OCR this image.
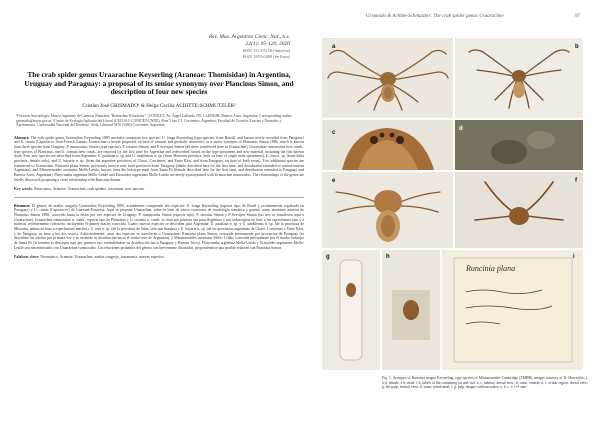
Grismado & Achitte-Schmutzler: The crab spider genus Uraarachne	97
Rev. Mus. Argentino Cienc. Nat., n.s.
22(1): 95-120, 2020
ISSN 1514-5158 (impresa)
ISSN 1853-0400 (en línea)
The crab spider genus Uraarachne Keyserling (Araneae: Thomisidae) in Argentina, Uruguay and Paraguay: a proposal of its senior synonymy over Plancinus Simon, and description of four new species
Cristian José GRISMADO¹ & Helga Cecilia ACHITTE-SCHMUTZLER²
¹División Aracnología, Museo Argentino de Ciencias Naturales "Bernardino Rivadavia" - CONICET, Av. Ángel Gallardo 470, C1405DJR, Buenos Aires, Argentina. Corresponding author: grismado@macn.gov.ar; ²Centro de Ecología Aplicada del Litoral (CECOAL-CONICET-UNNE), Ruta 5 km 2.5, Corrientes, Argentina; Facultad de Ciencias Exactas y Naturales y Agrimensura, Universidad Nacional del Nordeste, Avda. Libertad 5470 (3400) Corrientes, Argentina.
Abstract: The crab spider genus Uraarachne Keyserling 1880 currently comprises two species: U. longa Keyserling (type species, from Brazil), and known newly recorded from Paraguay) and U. cinnia (Caporiacco from French Guiana. Uraarachne is herein proposed, on base of somatic and genitalic characters, as a senior synonym of Plancinus Simon 1886, which is known from three species from Uruguay: P. rumusculus Simon (type species), P. tarsatus Simon, and P. brevipes Simon (all three transferred here to Uraarachne). Uraarachne rumusculus new comb., type species of Plancinus, and U. cornuta new comb., are reported for the first time for Argentina and redescribed, based on the type specimens and new material, including the first known male. Four new species are described from Argentina: U. pauliana n. sp. and U. tandilensis n. sp. (from Misiones province, both on base of single male specimens), U. tern n. sp. (from Salta province, female only), and U. bayarte n. sp. (from the argentine provinces of Chaco, Corrientes, and Entre Ríos, and from Paraguay, on base of both sexes). Two additional species are transferred to Uraarachne: Runcinia plana Simon, previously known only from provinces from Paraguay (adults described here for the first time, and distribution extended to central-eastern Argentina), and Misumenoides uncinatus Mello-Leitão, known from the holotype male from Santa Fe (female described here for the first time, and distribution extended to Paraguay and Buenos Aires, Argentina). Platycantha argentina Mello-Leitão and Erissoides argentinus Mello-Leitão are newly synonymized with Uraarachne rumusculus. The relationships of the genus are briefly discussed, proposing a close relationship with Runcinia Simon.
Key words. Neotropics, Araneae, Uraarachne, crab spiders, taxonomy, new species.
Resumen: El género de arañas cangrejo Uraarachne Keyserling 1880, actualmente comprende dos especies: U. longa Keyserling (especie tipo, de Brasil y recientemente registrada en Paraguay) y U. cinnia (Caporiacco) de Guayana Francesa. Aquí se propone Uraarachne, sobre la base de varios caracteres de morfología somática y genital, como sinónimo anterior de Plancinus Simon 1886, conocido hasta la fecha por tres especies de Uruguay: P. rumusculus Simon (especie tipo), P. tarsatus Simon y P. brevipes Simon (las tres se transfieren aquí a Uraarachne). Uraarachne rumusculus n. comb., especie tipo de Plancinus y U. cornuta n. comb. se citan por primera vez para Argentina y son redescriptas en base a los especímenes tipo y a material recientemente colectado, incluyendo el primer macho conocido. Cuatro nuevas especies se describen para Argentina: U. pauliana n. sp. y U. tandilensis n. sp. (de la provincia de Misiones, ambas en base a especímenes machos), U. tern n. sp. (de la provincia de Salta, sólo una hembra) y U. bayarte n. sp. (de las provincias argentinas de Chaco, Corrientes y Entre Ríos, y de Paraguay, en base a los dos sexos). Adicionalmente, otras dos especies se transfieren a Uraarachne: Runcinia plana Simon, conocida previamente por provincias de Paraguay (se describen los adultos por primera vez y se extiende su distribución hacia el centro-este de Argentina), y Misumenoides uncinatus Mello-Leitão, conocida previamente por el macho holotipo de Santa Fe (la hembra es descripta aquí por primera vez, extendiéndose su distribución hacia Paraguay y Buenos Aires). Platycantha argentina Mello-Leitão y Erissoides argentinus Mello-Leitão son sinonimizadas con Uraarachne rumusculus. Las relaciones probables del género son brevemente discutidas, proponiéndose una posible relación con Runcinia Simon.
Palabras clave: Neotrópico, Araneae, Uraarachne, arañas cangrejo, taxonomía, nuevas especies.
a	b
c
d
e	f
g	h
Runcinia plana
i
Fig. 1. Syntypes of Runcinia magna Keyserling, type species of Misumenoides Cambridge (ZMHB), images courtesy of D. Harvey(inc.). a-d, female, e-h, male. i-h, labels of the containing jar and vial. a, c, habitus, dorsal view; b, same, ventral; d, f, ocular region, dorsal view; g, left palp, ventral view; h, same, retrolateral; i, g, palp, images without scales; a, b, c, e, f=1 mm.
